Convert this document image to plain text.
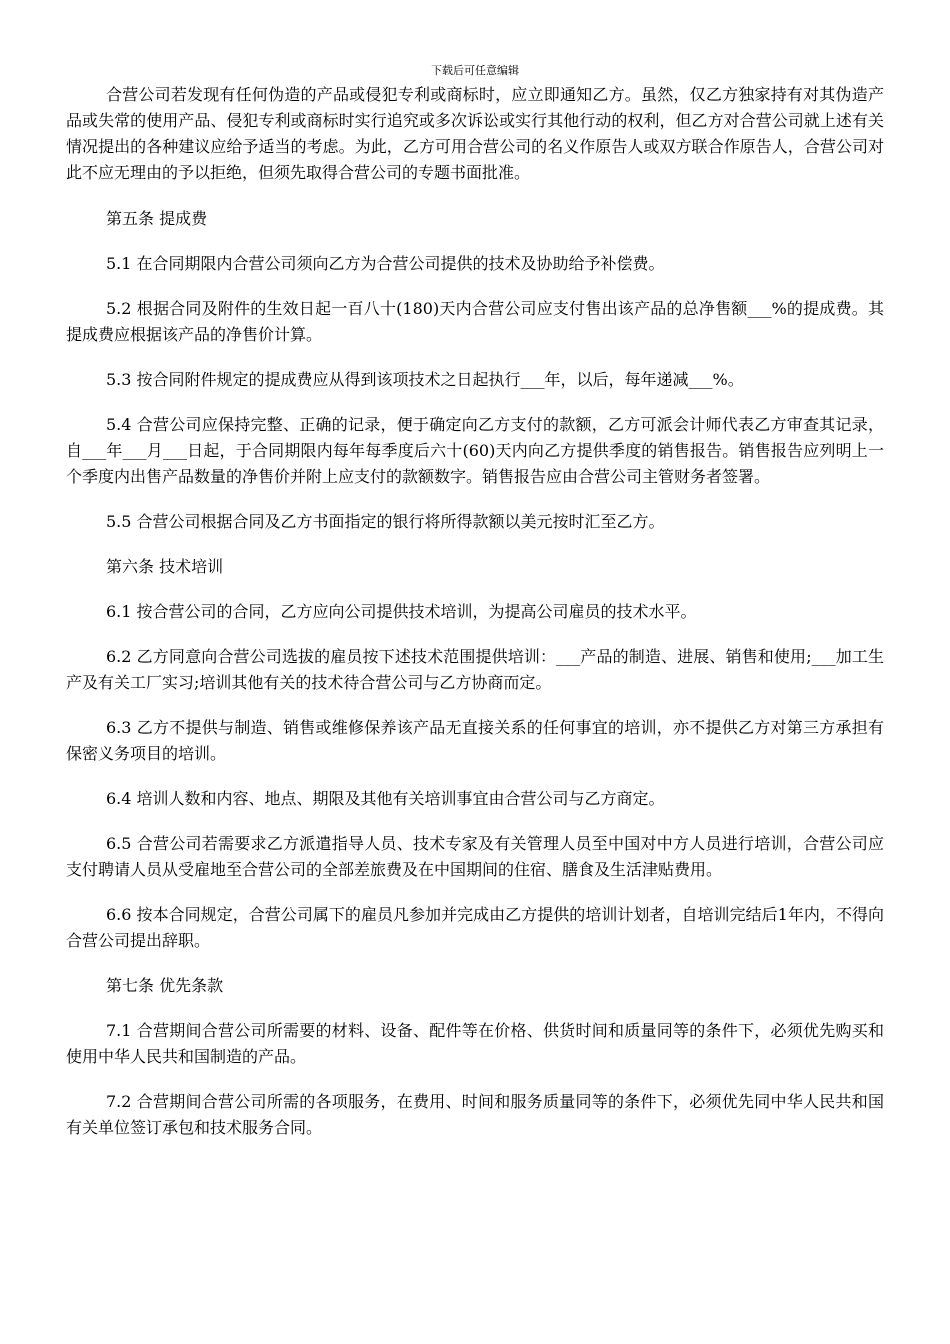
下载后可任意编辑

合营公司若发现有任何伪造的产品或侵犯专利或商标时，应立即通知乙方。虽然，仅乙方独家持有对其伪造产品或失常的使用产品、侵犯专利或商标时实行追究或多次诉讼或实行其他行动的权利，但乙方对合营公司就上述有关情况提出的各种建议应给予适当的考虑。为此，乙方可用合营公司的名义作原告人或双方联合作原告人，合营公司对此不应无理由的予以拒绝，但须先取得合营公司的专题书面批准。

第五条 提成费

5.1 在合同期限内合营公司须向乙方为合营公司提供的技术及协助给予补偿费。

5.2 根据合同及附件的生效日起一百八十(180)天内合营公司应支付售出该产品的总净售额___%的提成费。其提成费应根据该产品的净售价计算。

5.3 按合同附件规定的提成费应从得到该项技术之日起执行___年，以后，每年递减___%。

5.4 合营公司应保持完整、正确的记录，便于确定向乙方支付的款额，乙方可派会计师代表乙方审查其记录，自___年___月___日起，于合同期限内每年每季度后六十(60)天内向乙方提供季度的销售报告。销售报告应列明上一个季度内出售产品数量的净售价并附上应支付的款额数字。销售报告应由合营公司主管财务者签署。

5.5 合营公司根据合同及乙方书面指定的银行将所得款额以美元按时汇至乙方。

第六条 技术培训

6.1 按合营公司的合同，乙方应向公司提供技术培训，为提高公司雇员的技术水平。

6.2 乙方同意向合营公司选拔的雇员按下述技术范围提供培训：___产品的制造、进展、销售和使用;___加工生产及有关工厂实习;培训其他有关的技术待合营公司与乙方协商而定。

6.3 乙方不提供与制造、销售或维修保养该产品无直接关系的任何事宜的培训，亦不提供乙方对第三方承担有保密义务项目的培训。

6.4 培训人数和内容、地点、期限及其他有关培训事宜由合营公司与乙方商定。

6.5 合营公司若需要求乙方派遣指导人员、技术专家及有关管理人员至中国对中方人员进行培训，合营公司应支付聘请人员从受雇地至合营公司的全部差旅费及在中国期间的住宿、膳食及生活津贴费用。

6.6 按本合同规定，合营公司属下的雇员凡参加并完成由乙方提供的培训计划者，自培训完结后1年内，不得向合营公司提出辞职。

第七条 优先条款

7.1 合营期间合营公司所需要的材料、设备、配件等在价格、供货时间和质量同等的条件下，必须优先购买和使用中华人民共和国制造的产品。

7.2 合营期间合营公司所需的各项服务，在费用、时间和服务质量同等的条件下，必须优先同中华人民共和国有关单位签订承包和技术服务合同。
